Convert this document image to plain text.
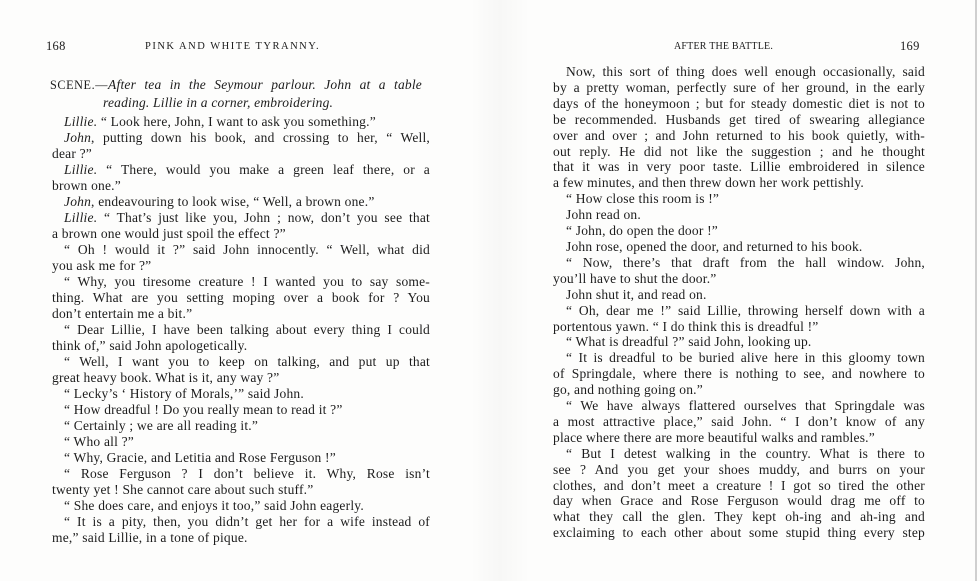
168	PINK AND WHITE TYRANNY.
SCENE.—After tea in the Seymour parlour. John at a table
reading. Lillie in a corner, embroidering.
Lillie. “ Look here, John, I want to ask you something.”
John, putting down his book, and crossing to her, “ Well,
dear ?”
Lillie. “ There, would you make a green leaf there, or a
brown one.”
John, endeavouring to look wise, “ Well, a brown one.”
Lillie. “ That’s just like you, John ; now, don’t you see that
a brown one would just spoil the effect ?”
“ Oh ! would it ?” said John innocently. “ Well, what did
you ask me for ?”
“ Why, you tiresome creature ! I wanted you to say some-
thing. What are you setting moping over a book for ? You
don’t entertain me a bit.”
“ Dear Lillie, I have been talking about every thing I could
think of,” said John apologetically.
“ Well, I want you to keep on talking, and put up that
great heavy book. What is it, any way ?”
“ Lecky’s ‘ History of Morals,’” said John.
“ How dreadful ! Do you really mean to read it ?”
“ Certainly ; we are all reading it.”
“ Who all ?”
“ Why, Gracie, and Letitia and Rose Ferguson !”
“ Rose Ferguson ? I don’t believe it. Why, Rose isn’t
twenty yet ! She cannot care about such stuff.”
“ She does care, and enjoys it too,” said John eagerly.
“ It is a pity, then, you didn’t get her for a wife instead of
me,” said Lillie, in a tone of pique.
AFTER THE BATTLE.	169
Now, this sort of thing does well enough occasionally, said
by a pretty woman, perfectly sure of her ground, in the early
days of the honeymoon ; but for steady domestic diet is not to
be recommended. Husbands get tired of swearing allegiance
over and over ; and John returned to his book quietly, with-
out reply. He did not like the suggestion ; and he thought
that it was in very poor taste. Lillie embroidered in silence
a few minutes, and then threw down her work pettishly.
“ How close this room is !”
John read on.
“ John, do open the door !”
John rose, opened the door, and returned to his book.
“ Now, there’s that draft from the hall window. John,
you’ll have to shut the door.”
John shut it, and read on.
“ Oh, dear me !” said Lillie, throwing herself down with a
portentous yawn. “ I do think this is dreadful !”
“ What is dreadful ?” said John, looking up.
“ It is dreadful to be buried alive here in this gloomy town
of Springdale, where there is nothing to see, and nowhere to
go, and nothing going on.”
“ We have always flattered ourselves that Springdale was
a most attractive place,” said John. “ I don’t know of any
place where there are more beautiful walks and rambles.”
“ But I detest walking in the country. What is there to
see ? And you get your shoes muddy, and burrs on your
clothes, and don’t meet a creature ! I got so tired the other
day when Grace and Rose Ferguson would drag me off to
what they call the glen. They kept oh-ing and ah-ing and
exclaiming to each other about some stupid thing every step
